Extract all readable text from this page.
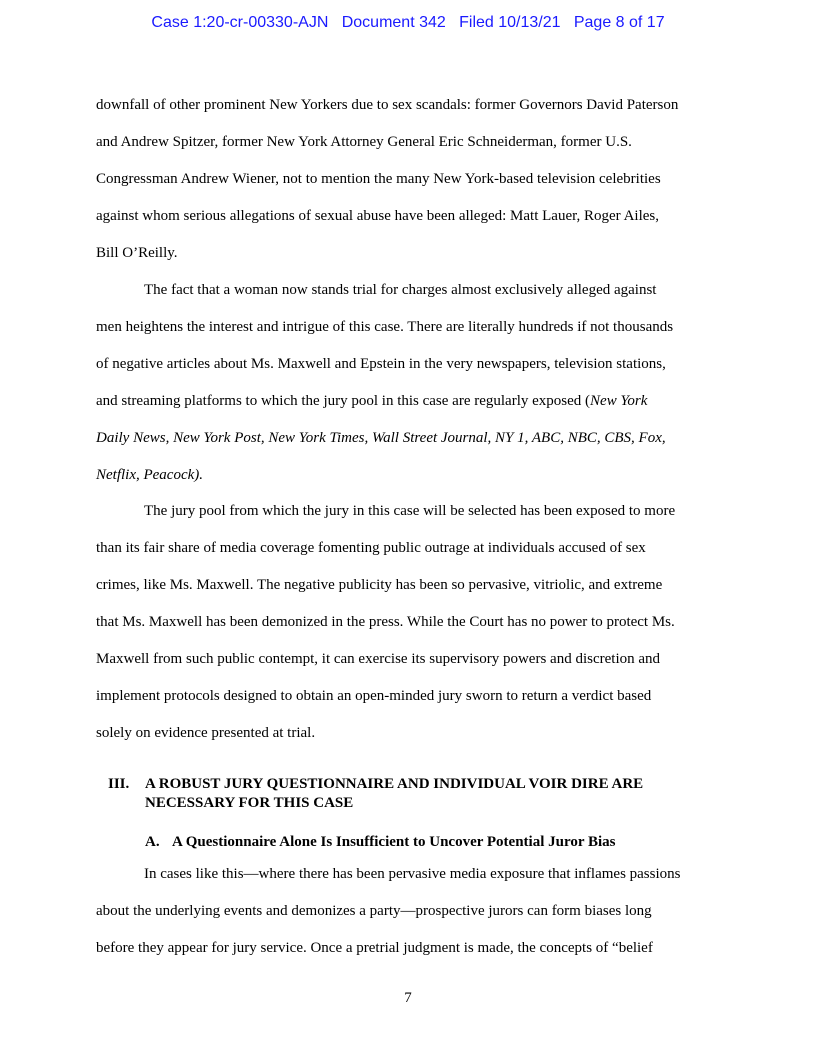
Case 1:20-cr-00330-AJN   Document 342   Filed 10/13/21   Page 8 of 17
downfall of other prominent New Yorkers due to sex scandals: former Governors David Paterson
and Andrew Spitzer, former New York Attorney General Eric Schneiderman, former U.S.
Congressman Andrew Wiener, not to mention the many New York-based television celebrities
against whom serious allegations of sexual abuse have been alleged: Matt Lauer, Roger Ailes,
Bill O’Reilly.
The fact that a woman now stands trial for charges almost exclusively alleged against
men heightens the interest and intrigue of this case. There are literally hundreds if not thousands
of negative articles about Ms. Maxwell and Epstein in the very newspapers, television stations,
and streaming platforms to which the jury pool in this case are regularly exposed (New York
Daily News, New York Post, New York Times, Wall Street Journal, NY 1, ABC, NBC, CBS, Fox,
Netflix, Peacock).
The jury pool from which the jury in this case will be selected has been exposed to more
than its fair share of media coverage fomenting public outrage at individuals accused of sex
crimes, like Ms. Maxwell. The negative publicity has been so pervasive, vitriolic, and extreme
that Ms. Maxwell has been demonized in the press. While the Court has no power to protect Ms.
Maxwell from such public contempt, it can exercise its supervisory powers and discretion and
implement protocols designed to obtain an open-minded jury sworn to return a verdict based
solely on evidence presented at trial.
III. A ROBUST JURY QUESTIONNAIRE AND INDIVIDUAL VOIR DIRE ARE
NECESSARY FOR THIS CASE
A. A Questionnaire Alone Is Insufficient to Uncover Potential Juror Bias
In cases like this—where there has been pervasive media exposure that inflames passions
about the underlying events and demonizes a party—prospective jurors can form biases long
before they appear for jury service. Once a pretrial judgment is made, the concepts of “belief
7
